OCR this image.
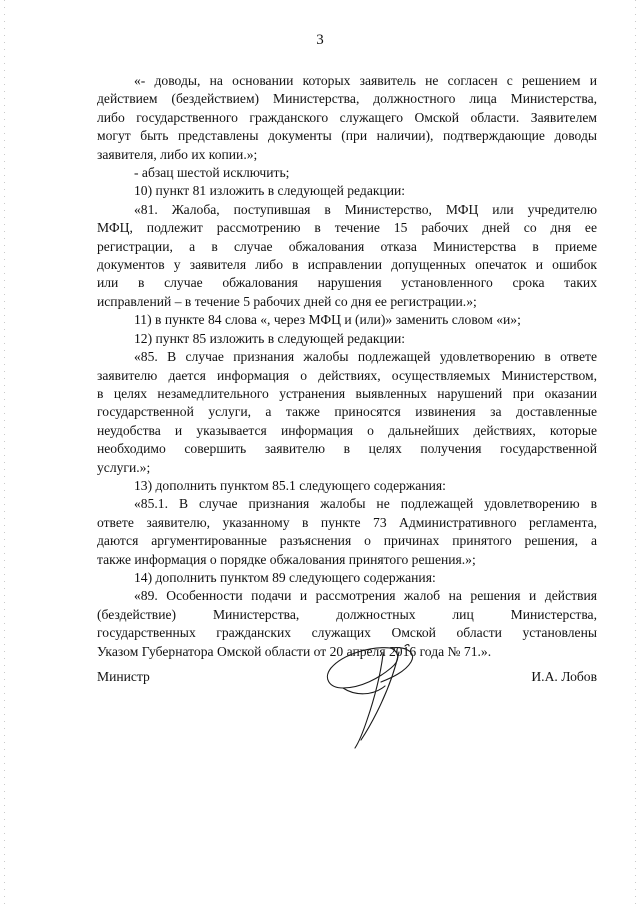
3
«- доводы, на основании которых заявитель не согласен с решением и
действием (бездействием) Министерства, должностного лица Министерства,
либо государственного гражданского служащего Омской области. Заявителем
могут быть представлены документы (при наличии), подтверждающие доводы
заявителя, либо их копии.»;
- абзац шестой исключить;
10) пункт 81 изложить в следующей редакции:
«81. Жалоба, поступившая в Министерство, МФЦ или учредителю
МФЦ, подлежит рассмотрению в течение 15 рабочих дней со дня ее
регистрации, а в случае обжалования отказа Министерства в приеме
документов у заявителя либо в исправлении допущенных опечаток и ошибок
или в случае обжалования нарушения установленного срока таких
исправлений – в течение 5 рабочих дней со дня ее регистрации.»;
11) в пункте 84 слова «, через МФЦ и (или)» заменить словом «и»;
12) пункт 85 изложить в следующей редакции:
«85. В случае признания жалобы подлежащей удовлетворению в ответе
заявителю дается информация о действиях, осуществляемых Министерством,
в целях незамедлительного устранения выявленных нарушений при оказании
государственной услуги, а также приносятся извинения за доставленные
неудобства и указывается информация о дальнейших действиях, которые
необходимо совершить заявителю в целях получения государственной
услуги.»;
13) дополнить пунктом 85.1 следующего содержания:
«85.1. В случае признания жалобы не подлежащей удовлетворению в
ответе заявителю, указанному в пункте 73 Административного регламента,
даются аргументированные разъяснения о причинах принятого решения, а
также информация о порядке обжалования принятого решения.»;
14) дополнить пунктом 89 следующего содержания:
«89. Особенности подачи и рассмотрения жалоб на решения и действия
(бездействие) Министерства, должностных лиц Министерства,
государственных гражданских служащих Омской области установлены
Указом Губернатора Омской области от 20 апреля 2016 года № 71.».
Министр	И.А. Лобов
